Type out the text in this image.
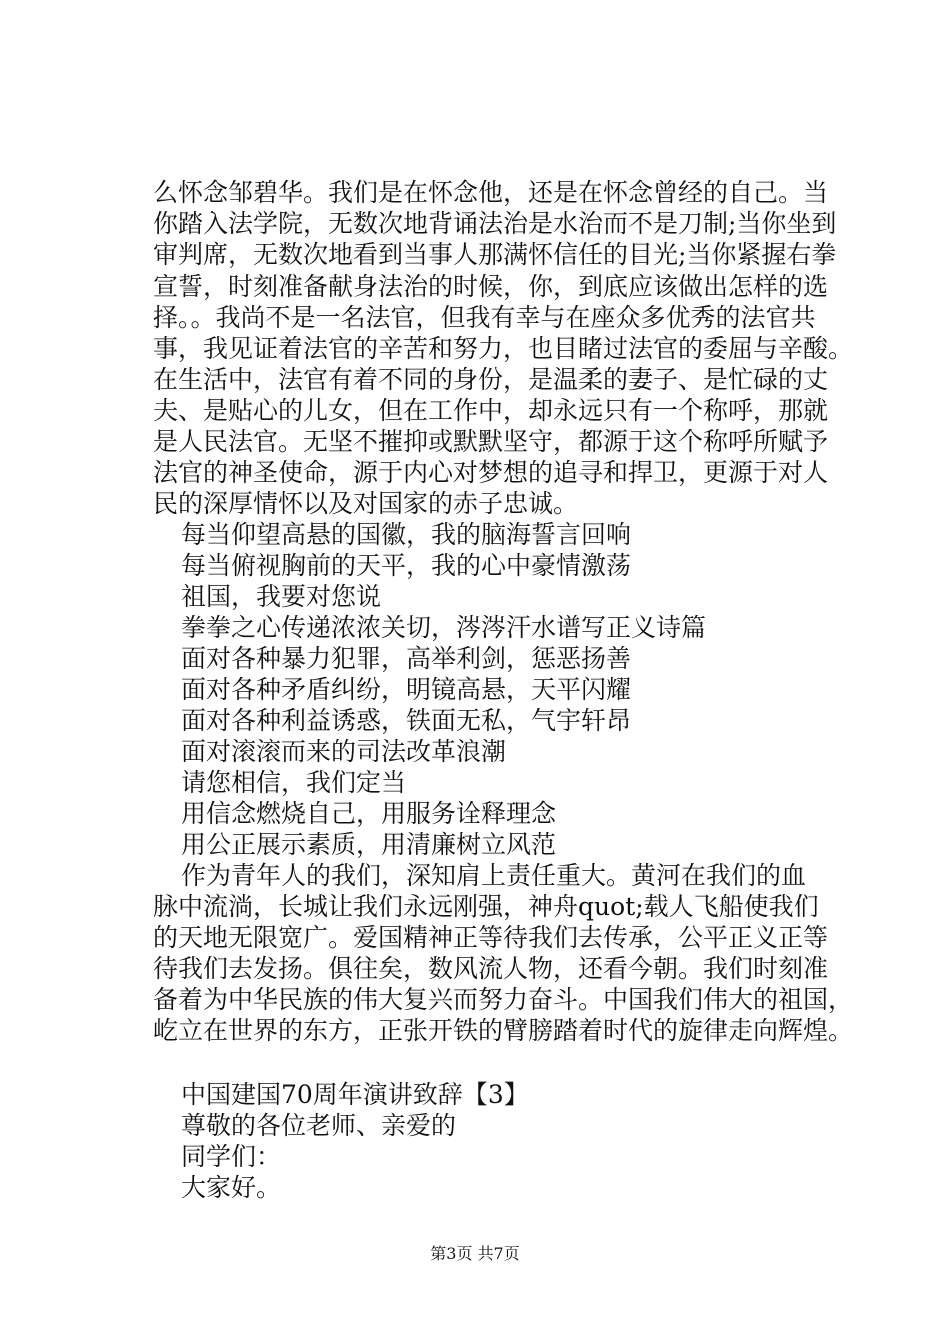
么怀念邹碧华。我们是在怀念他，还是在怀念曾经的自己。当
你踏入法学院，无数次地背诵法治是水治而不是刀制;当你坐到
审判席，无数次地看到当事人那满怀信任的目光;当你紧握右拳
宣誓，时刻准备献身法治的时候，你，到底应该做出怎样的选
择。。我尚不是一名法官，但我有幸与在座众多优秀的法官共
事，我见证着法官的辛苦和努力，也目睹过法官的委屈与辛酸。
在生活中，法官有着不同的身份，是温柔的妻子、是忙碌的丈
夫、是贴心的儿女，但在工作中，却永远只有一个称呼，那就
是人民法官。无坚不摧抑或默默坚守，都源于这个称呼所赋予
法官的神圣使命，源于内心对梦想的追寻和捍卫，更源于对人
民的深厚情怀以及对国家的赤子忠诚。
每当仰望高悬的国徽，我的脑海誓言回响
每当俯视胸前的天平，我的心中豪情激荡
祖国，我要对您说
拳拳之心传递浓浓关切，涔涔汗水谱写正义诗篇
面对各种暴力犯罪，高举利剑，惩恶扬善
面对各种矛盾纠纷，明镜高悬，天平闪耀
面对各种利益诱惑，铁面无私，气宇轩昂
面对滚滚而来的司法改革浪潮
请您相信，我们定当
用信念燃烧自己，用服务诠释理念
用公正展示素质，用清廉树立风范
作为青年人的我们，深知肩上责任重大。黄河在我们的血
脉中流淌，长城让我们永远刚强，神舟quot;载人飞船使我们
的天地无限宽广。爱国精神正等待我们去传承，公平正义正等
待我们去发扬。俱往矣，数风流人物，还看今朝。我们时刻准
备着为中华民族的伟大复兴而努力奋斗。中国我们伟大的祖国，
屹立在世界的东方，正张开铁的臂膀踏着时代的旋律走向辉煌。
中国建国70周年演讲致辞【3】
尊敬的各位老师、亲爱的
同学们：
大家好。
第3页 共7页
